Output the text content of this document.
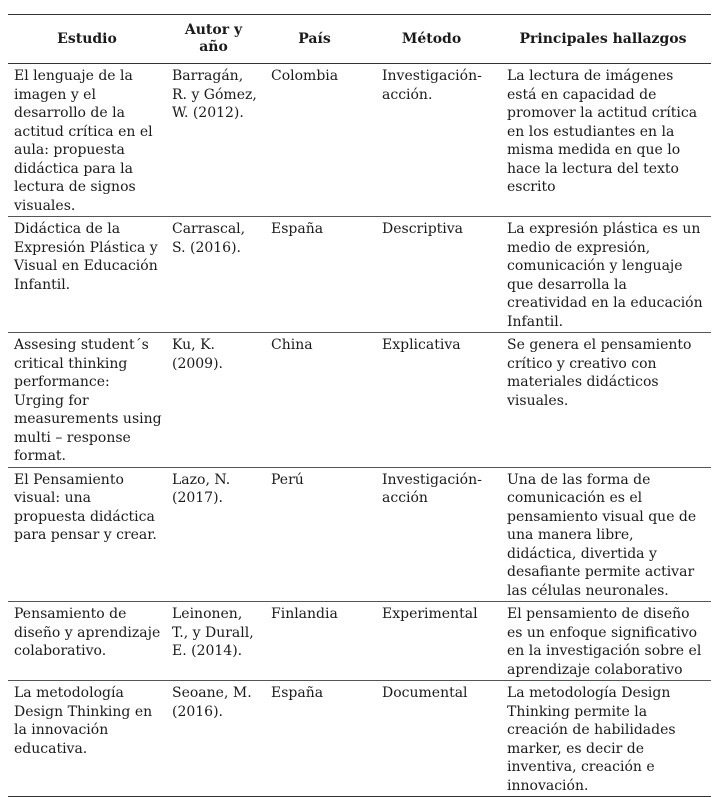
Estudio	Autor y año	País	Método	Principales hallazgos
El lenguaje de la imagen y el desarrollo de la actitud crítica en el aula: propuesta didáctica para la lectura de signos visuales.	Barragán, R. y Gómez, W. (2012).	Colombia	Investigación-acción.	La lectura de imágenes está en capacidad de promover la actitud crítica en los estudiantes en la misma medida en que lo hace la lectura del texto escrito
Didáctica de la Expresión Plástica y Visual en Educación Infantil.	Carrascal, S. (2016).	España	Descriptiva	La expresión plástica es un medio de expresión, comunicación y lenguaje que desarrolla la creatividad en la educación Infantil.
Assesing student´s critical thinking performance: Urging for measurements using multi – response format.	Ku, K. (2009).	China	Explicativa	Se genera el pensamiento crítico y creativo con materiales didácticos visuales.
El Pensamiento visual: una propuesta didáctica para pensar y crear.	Lazo, N. (2017).	Perú	Investigación-acción	Una de las forma de comunicación es el pensamiento visual que de una manera libre, didáctica, divertida y desafiante permite activar las células neuronales.
Pensamiento de diseño y aprendizaje colaborativo.	Leinonen, T., y Durall, E. (2014).	Finlandia	Experimental	El pensamiento de diseño es un enfoque significativo en la investigación sobre el aprendizaje colaborativo
La metodología Design Thinking en la innovación educativa.	Seoane, M. (2016).	España	Documental	La metodología Design Thinking permite la creación de habilidades marker, es decir de inventiva, creación e innovación.
